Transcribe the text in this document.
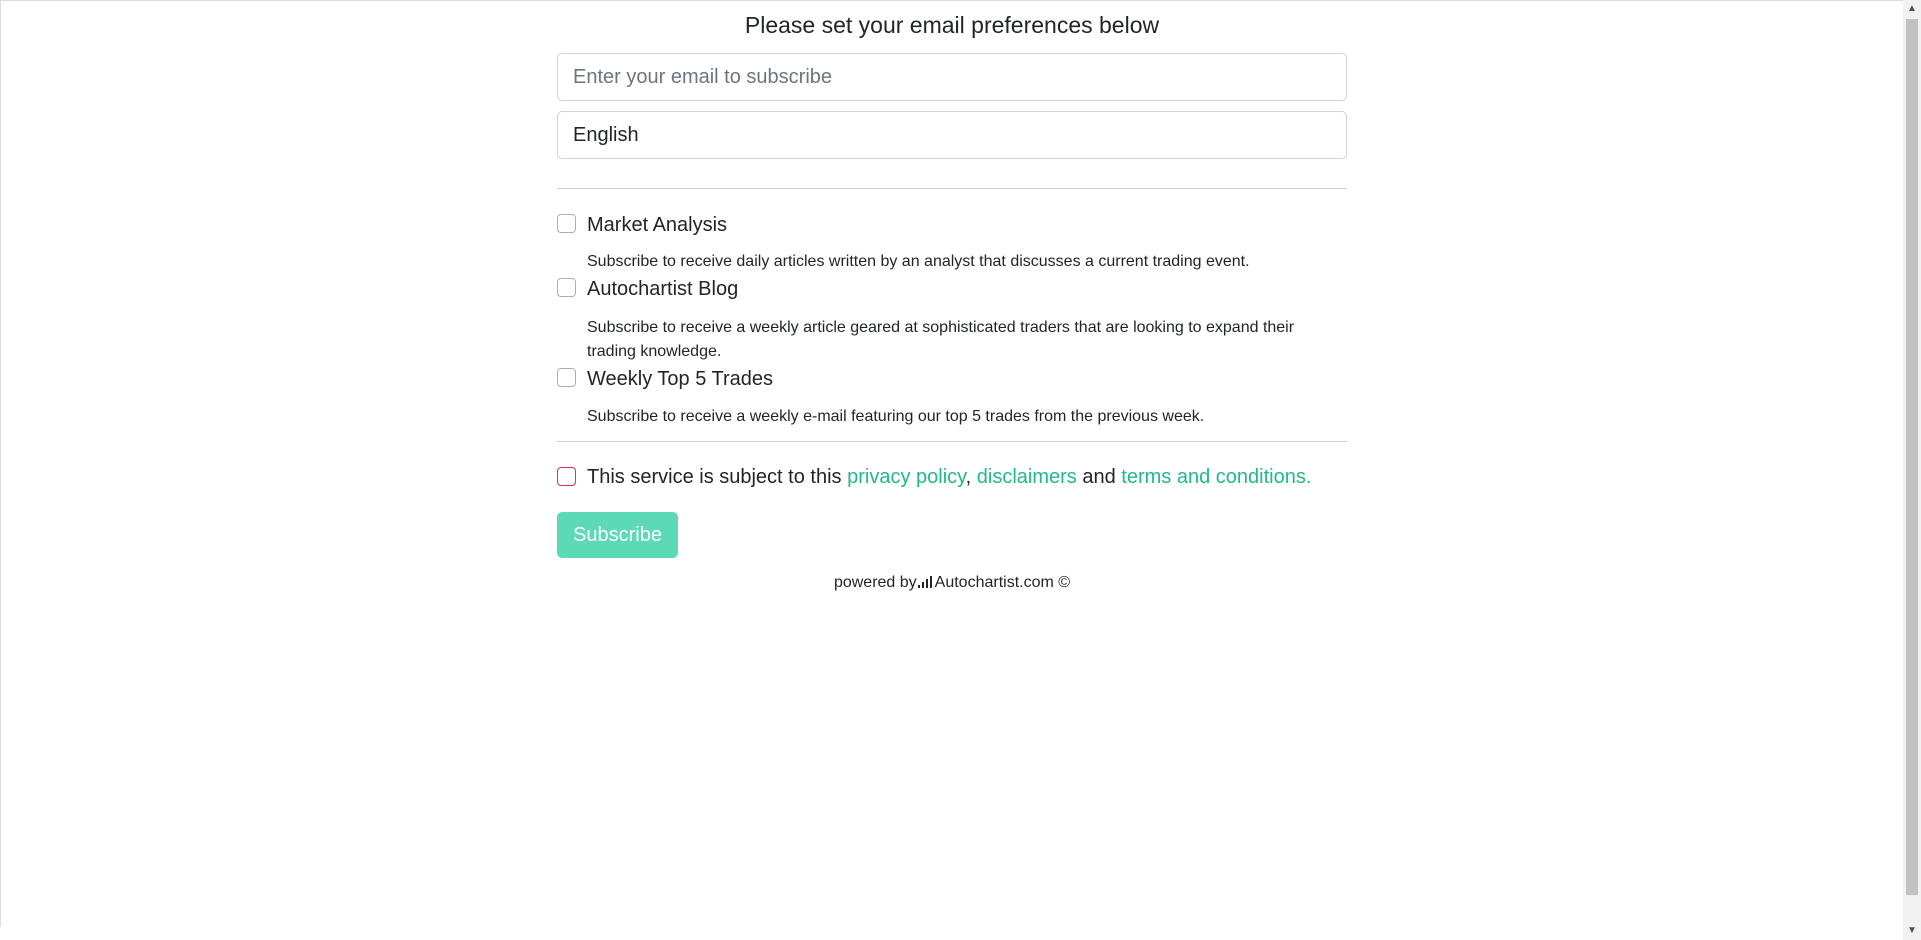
Please set your email preferences below
Enter your email to subscribe
English
Market Analysis
Subscribe to receive daily articles written by an analyst that discusses a current trading event.
Autochartist Blog
Subscribe to receive a weekly article geared at sophisticated traders that are looking to expand their trading knowledge.
Weekly Top 5 Trades
Subscribe to receive a weekly e-mail featuring our top 5 trades from the previous week.
This service is subject to this privacy policy, disclaimers and terms and conditions.
Subscribe
powered by Autochartist.com ©
▲
▼
